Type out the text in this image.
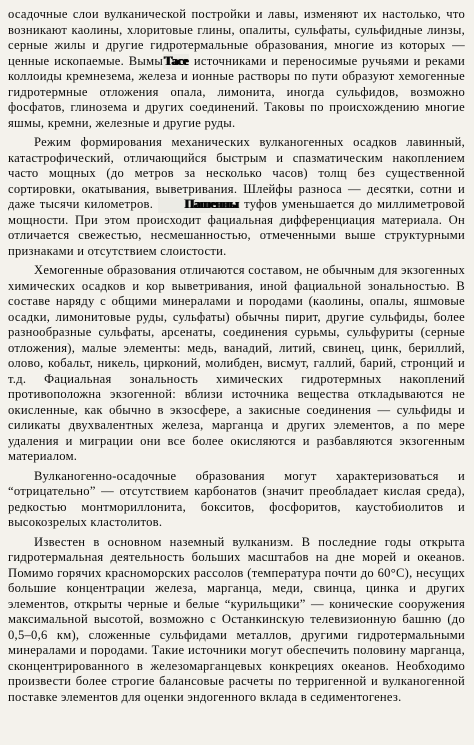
осадочные слои вулканической постройки и лавы, изменяют их настолько, что возникают каолины, хлоритовые глины, опалиты, сульфаты, сульфидные линзы, серные жилы и другие гидротермальные образования, многие из которых — ценные ископаемые. ВымыТасе источниками и переносимые ручьями и реками коллоиды кремнезема, железа и ионные растворы по пути образуют хемогенные гидротермные отложения опала, лимонита, иногда сульфидов, возможно фосфатов, глинозема и других соединений. Таковы по происхождению многие яшмы, кремни, железные и другие руды.

Режим формирования механических вулканогенных осадков лавинный, катастрофический, отличающийся быстрым и спазматическим накоплением часто мощных (до метров за несколько часов) толщ без существенной сортировки, окатывания, выветривания. Шлейфы разноса — десятки, сотни и даже тысячи километров. Пашенны туфов уменьшается до миллиметровой мощности. При этом происходит фациальная дифференциация материала. Он отличается свежестью, несмешанностью, отмеченными выше структурными признаками и отсутствием слоистости.

Хемогенные образования отличаются составом, не обычным для экзогенных химических осадков и кор выветривания, иной фациальной зональностью. В составе наряду с общими минералами и породами (каолины, опалы, яшмовые осадки, лимонитовые руды, сульфаты) обычны пирит, другие сульфиды, более разнообразные сульфаты, арсенаты, соединения сурьмы, сульфуриты (серные отложения), малые элементы: медь, ванадий, литий, свинец, цинк, бериллий, олово, кобальт, никель, цирконий, молибден, висмут, галлий, барий, стронций и т.д. Фациальная зональность химических гидротермных накоплений противоположна экзогенной: вблизи источника вещества откладываются не окисленные, как обычно в экзосфере, а закисные соединения — сульфиды и силикаты двухвалентных железа, марганца и других элементов, а по мере удаления и миграции они все более окисляются и разбавляются экзогенным материалом.

Вулканогенно-осадочные образования могут характеризоваться и “отрицательно” — отсутствием карбонатов (значит преобладает кислая среда), редкостью монтмориллонита, бокситов, фосфоритов, каустобиолитов и высокозрелых кластолитов.

Известен в основном наземный вулканизм. В последние годы открыта гидротермальная деятельность больших масштабов на дне морей и океанов. Помимо горячих красноморских рассолов (температура почти до 60°С), несущих большие концентрации железа, марганца, меди, свинца, цинка и других элементов, открыты черные и белые “курильщики” — конические сооружения максимальной высотой, возможно с Останкинскую телевизионную башню (до 0,5–0,6 км), сложенные сульфидами металлов, другими гидротермальными минералами и породами. Такие источники могут обеспечить половину марганца, сконцентрированного в железомарганцевых конкрециях океанов. Необходимо произвести более строгие балансовые расчеты по терригенной и вулканогенной поставке элементов для оценки эндогенного вклада в седиментогенез.
